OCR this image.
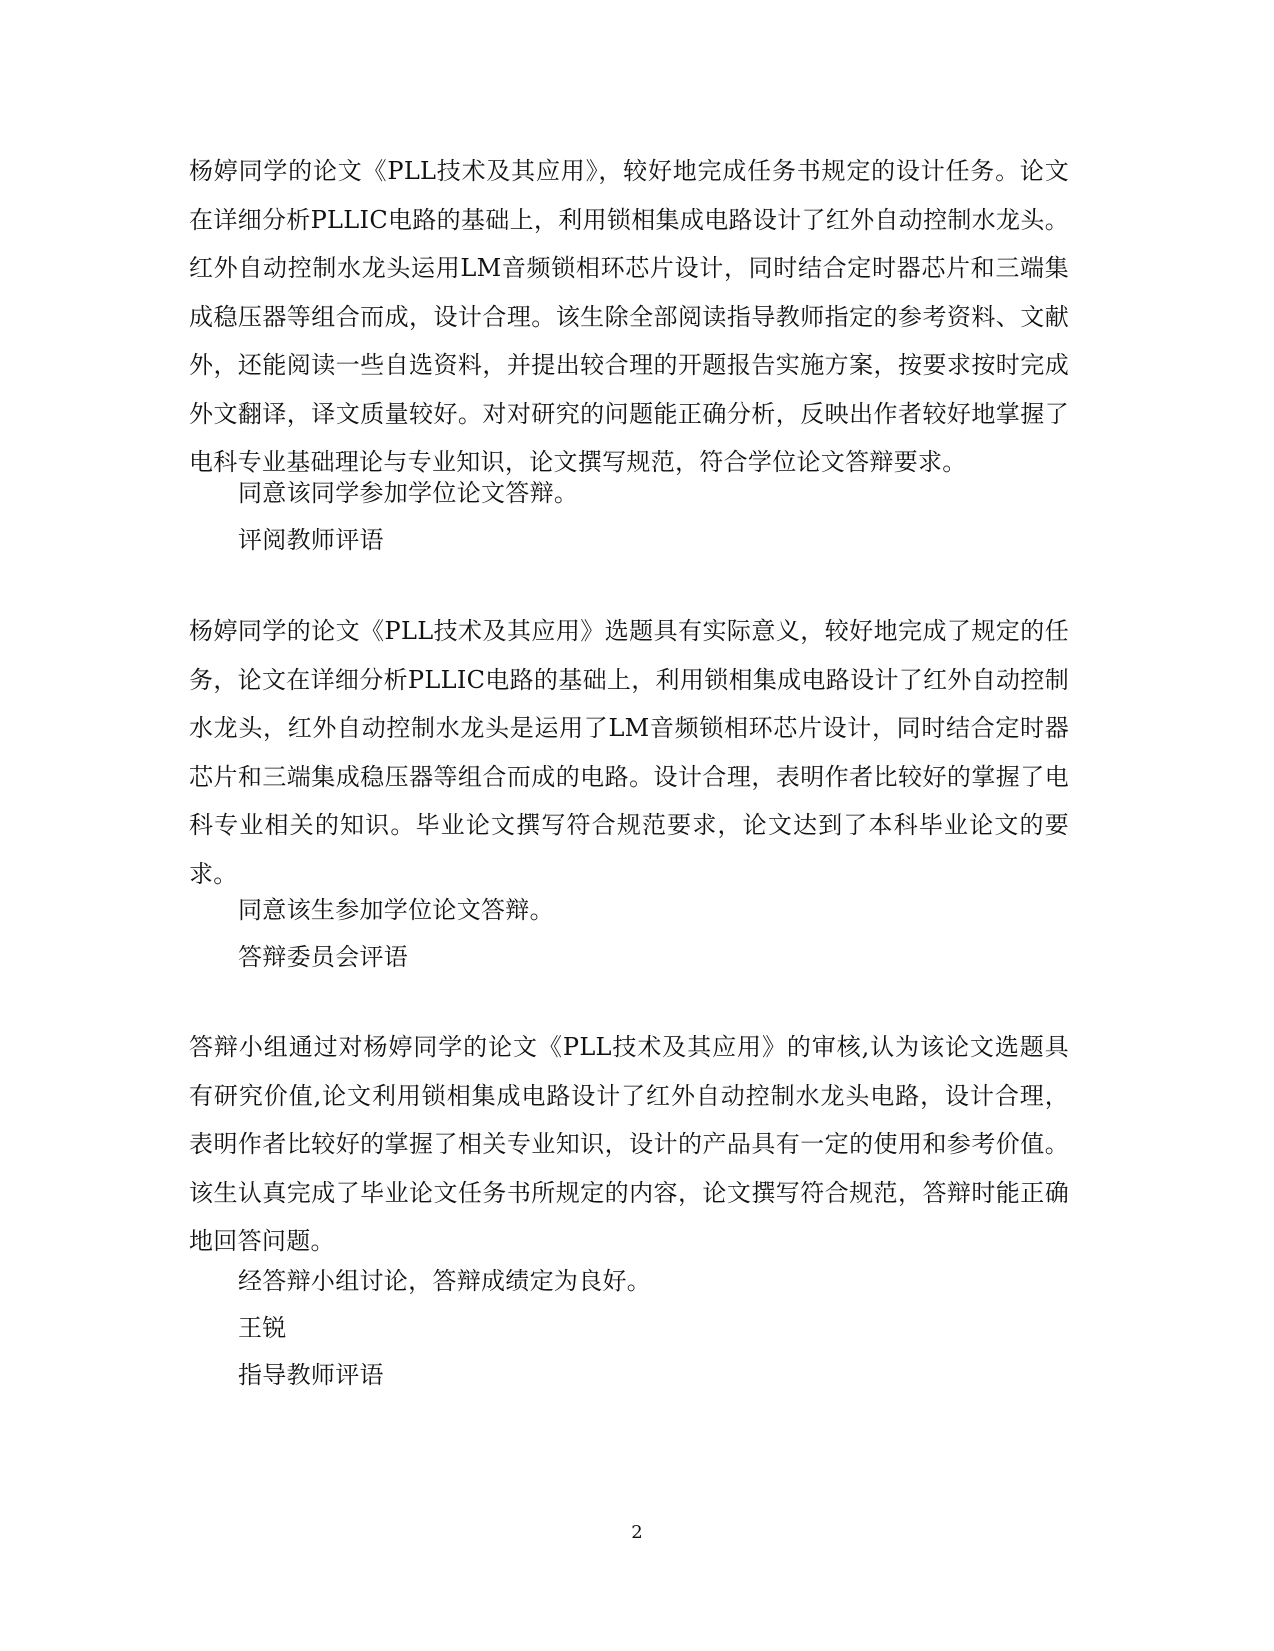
杨婷同学的论文《PLL技术及其应用》，较好地完成任务书规定的设计任务。论文在详细分析PLLIC电路的基础上，利用锁相集成电路设计了红外自动控制水龙头。红外自动控制水龙头运用LM音频锁相环芯片设计，同时结合定时器芯片和三端集成稳压器等组合而成，设计合理。该生除全部阅读指导教师指定的参考资料、文献外，还能阅读一些自选资料，并提出较合理的开题报告实施方案，按要求按时完成外文翻译，译文质量较好。对对研究的问题能正确分析，反映出作者较好地掌握了电科专业基础理论与专业知识，论文撰写规范，符合学位论文答辩要求。

同意该同学参加学位论文答辩。

评阅教师评语

杨婷同学的论文《PLL技术及其应用》选题具有实际意义，较好地完成了规定的任务，论文在详细分析PLLIC电路的基础上，利用锁相集成电路设计了红外自动控制水龙头，红外自动控制水龙头是运用了LM音频锁相环芯片设计，同时结合定时器芯片和三端集成稳压器等组合而成的电路。设计合理，表明作者比较好的掌握了电科专业相关的知识。毕业论文撰写符合规范要求，论文达到了本科毕业论文的要求。

同意该生参加学位论文答辩。

答辩委员会评语

答辩小组通过对杨婷同学的论文《PLL技术及其应用》的审核,认为该论文选题具有研究价值,论文利用锁相集成电路设计了红外自动控制水龙头电路，设计合理，表明作者比较好的掌握了相关专业知识，设计的产品具有一定的使用和参考价值。该生认真完成了毕业论文任务书所规定的内容，论文撰写符合规范，答辩时能正确地回答问题。

经答辩小组讨论，答辩成绩定为良好。

王锐

指导教师评语

2
